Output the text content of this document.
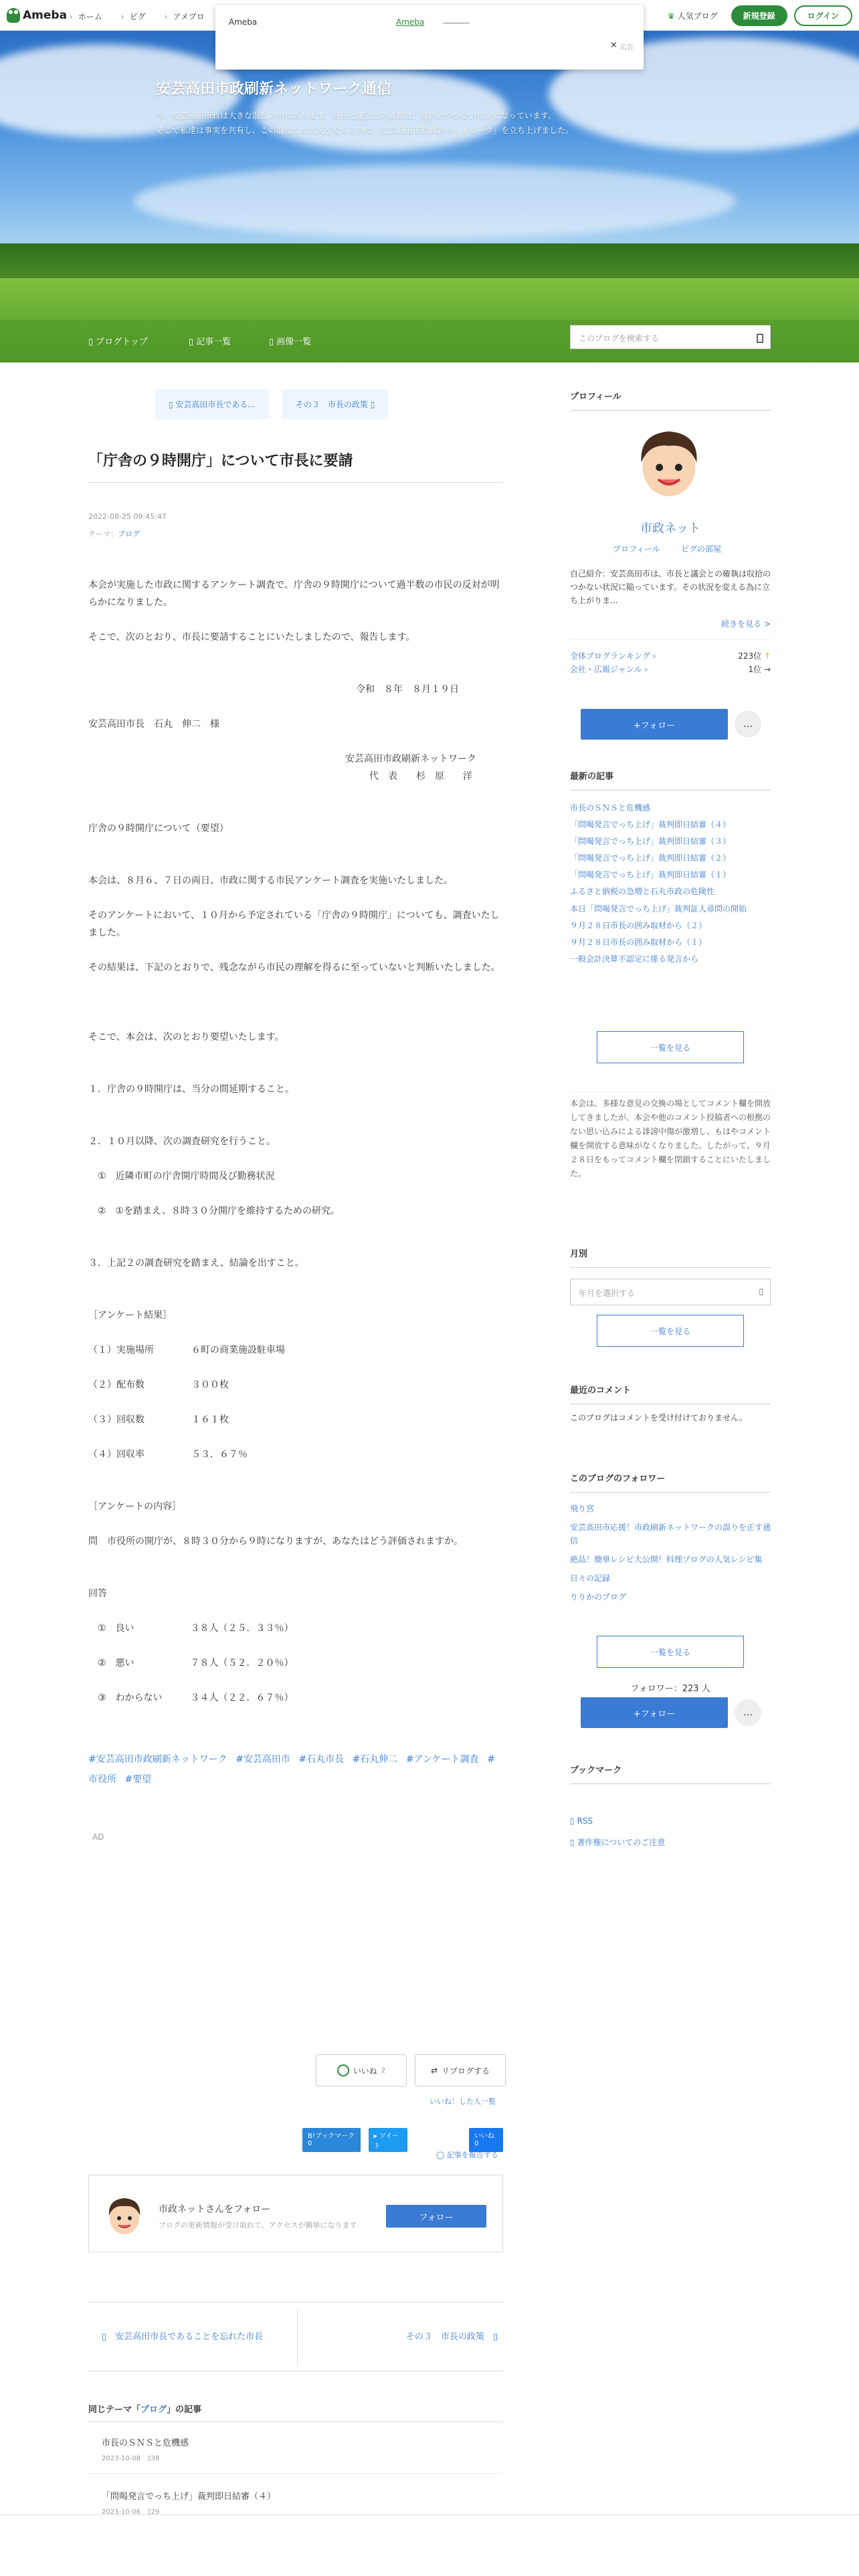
Ameba	› ホーム	› ピグ	› アメプロ	♛ 人気ブログ	新規登録	ログイン
Ameba	Ameba
× 広告
安芸高田市政刷新ネットワーク通信
今、安芸高田市政は大きな混乱の中にあります。市長と議会との確執は、収拾のつかない状況になっています。
そこで私達は事実を共有し、この混乱した状況を変える為に「安芸高田市政刷新ネットワーク」を立ち上げました。
▯ ブログトップ	▯ 記事一覧	▯ 画像一覧	このブログを検索する
▯ 安芸高田市長である...	その３　市長の政策 ▯
「庁舎の９時開庁」について市長に要請
2022-08-25 09:45:47
テーマ：ブログ

本会が実施した市政に関するアンケート調査で、庁舎の９時開庁について過半数の市民の反対が明らかになりました。

そこで、次のとおり、市長に要請することにいたしましたので、報告します。

令和　８年　８月１９日

安芸高田市長　石丸　伸二　様

安芸高田市政刷新ネットワーク

代　表　　杉　原　　洋

庁舎の９時開庁について（要望）

本会は、８月６、７日の両日、市政に関する市民アンケート調査を実施いたしました。

そのアンケートにおいて、１０月から予定されている「庁舎の９時開庁」についても、調査いたしました。

その結果は、下記のとおりで、残念ながら市民の理解を得るに至っていないと判断いたしました。

そこで、本会は、次のとおり要望いたします。

１．庁舎の９時開庁は、当分の間延期すること。

２．１０月以降、次の調査研究を行うこと。

　①　近隣市町の庁舎開庁時間及び勤務状況

　②　①を踏まえ、８時３０分開庁を維持するための研究。

３．上記２の調査研究を踏まえ、結論を出すこと。

［アンケート結果］

（１）実施場所　　　　６町の商業施設駐車場

（２）配布数　　　　　３００枚

（３）回収数　　　　　１６１枚

（４）回収率　　　　　５３．６７％

［アンケートの内容］

問　市役所の開庁が、８時３０分から９時になりますが、あなたはどう評価されますか。

回答

　①　良い　　　　　　３８人（２５．３３％）

　②　悪い　　　　　　７８人（５２．２０％）

　③　わからない　　　３４人（２２．６７％）

#安芸高田市政刷新ネットワーク #安芸高田市 #石丸市長 #石丸伸二 #アンケート調査 #市役所 #要望
AD
いいね 2	⇄ リブログする
いいね！した人一覧
B!ブックマーク 0
▸ ツイート
いいね 0
◯ 記事を報告する
市政ネットさんをフォロー
ブログの更新情報が受け取れて、アクセスが簡単になります
フォロー
▯　安芸高田市長であることを忘れた市長	その３　市長の政策　▯
同じテーマ「ブログ」の記事
市長のＳＮＳと危機感
2023-10-08　▯38
「問喝発言でっち上げ」裁判即日結審（４）
2023-10-06　▯29
プロフィール
市政ネット
プロフィール	ピグの部屋
自己紹介：安芸高田市は、市長と議会との確執は収拾のつかない状況に陥っています。その状況を変える為に立ち上がりま...
続きを見る >
全体ブログランキング ›	223位 ↑
会社・広報ジャンル ›	1位 →
+フォロー	…
最新の記事
市長のＳＮＳと危機感
「問喝発言でっち上げ」裁判即日結審（４）
「問喝発言でっち上げ」裁判即日結審（３）
「問喝発言でっち上げ」裁判即日結審（２）
「問喝発言でっち上げ」裁判即日結審（１）
ふるさと納税の急増と石丸市政の危険性
本日「問喝発言でっち上げ」裁判証人尋問の開始
９月２８日市長の囲み取材から（２）
９月２８日市長の囲み取材から（１）
一般会計決算不認定に係る発言から
一覧を見る
本会は、多様な意見の交換の場としてコメント欄を開放してきましたが、本会や他のコメント投稿者への根拠のない思い込みによる誹謗中傷が激増し、もはやコメント欄を開放する意味がなくなりました。したがって、９月２８日をもってコメント欄を閉鎖することにいたしました。
月別
年月を選択する	▯
一覧を見る
最近のコメント
このブログはコメントを受け付けておりません。
このブログのフォロワー
飛り宮
安芸高田市応援！市政刷新ネットワークの誤りを正す通信
絶品！簡単レシピ大公開！料理ブログの人気レシピ集
日々の記録
りりかのブログ
一覧を見る
フォロワー：223 人
+フォロー	…
ブックマーク
▯ RSS
▯ 著作権についてのご注意
